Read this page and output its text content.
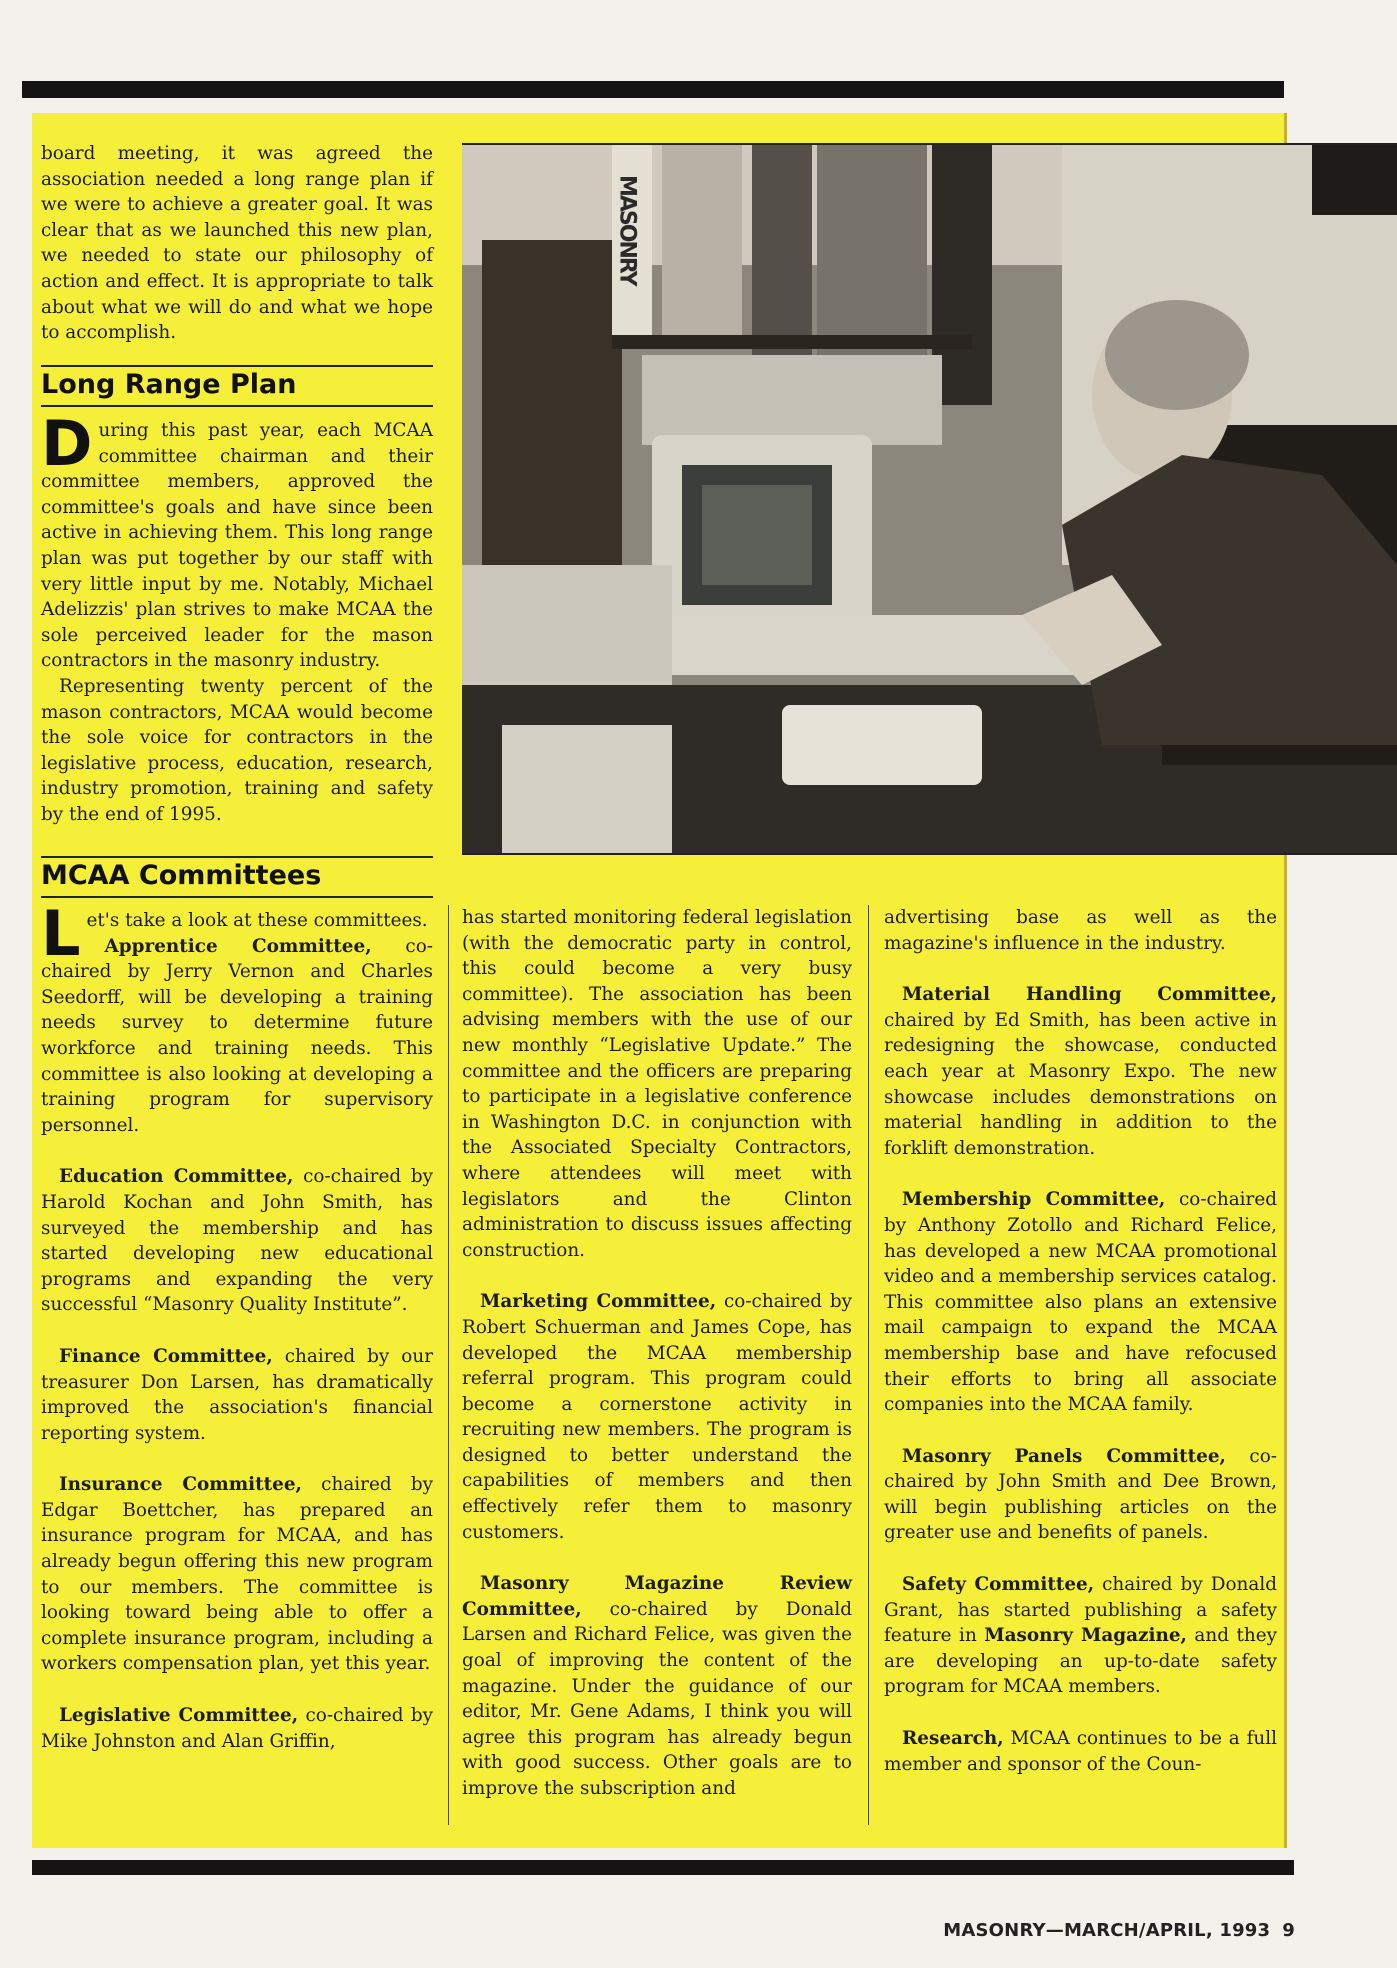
MASONRY

board meeting, it was agreed the association needed a long range plan if we were to achieve a greater goal. It was clear that as we launched this new plan, we needed to state our philosophy of action and effect. It is appropriate to talk about what we will do and what we hope to accomplish.

Long Range Plan

During this past year, each MCAA committee chairman and their committee members, approved the committee's goals and have since been active in achieving them. This long range plan was put together by our staff with very little input by me. Notably, Michael Adelizzis' plan strives to make MCAA the sole perceived leader for the mason contractors in the masonry industry.

Representing twenty percent of the mason contractors, MCAA would become the sole voice for contractors in the legislative process, education, research, industry promotion, training and safety by the end of 1995.

MCAA Committees

Let's take a look at these committees.

Apprentice Committee, co-chaired by Jerry Vernon and Charles Seedorff, will be developing a training needs survey to determine future workforce and training needs. This committee is also looking at developing a training program for supervisory personnel.

Education Committee, co-chaired by Harold Kochan and John Smith, has surveyed the membership and has started developing new educational programs and expanding the very successful “Masonry Quality Institute”.

Finance Committee, chaired by our treasurer Don Larsen, has dramatically improved the association's financial reporting system.

Insurance Committee, chaired by Edgar Boettcher, has prepared an insurance program for MCAA, and has already begun offering this new program to our members. The committee is looking toward being able to offer a complete insurance program, including a workers compensation plan, yet this year.

Legislative Committee, co-chaired by Mike Johnston and Alan Griffin,

has started monitoring federal legislation (with the democratic party in control, this could become a very busy committee). The association has been advising members with the use of our new monthly “Legislative Update.” The committee and the officers are preparing to participate in a legislative conference in Washington D.C. in conjunction with the Associated Specialty Contractors, where attendees will meet with legislators and the Clinton administration to discuss issues affecting construction.

Marketing Committee, co-chaired by Robert Schuerman and James Cope, has developed the MCAA membership referral program. This program could become a cornerstone activity in recruiting new members. The program is designed to better understand the capabilities of members and then effectively refer them to masonry customers.

Masonry Magazine Review Committee, co-chaired by Donald Larsen and Richard Felice, was given the goal of improving the content of the magazine. Under the guidance of our editor, Mr. Gene Adams, I think you will agree this program has already begun with good success. Other goals are to improve the subscription and

advertising base as well as the magazine's influence in the industry.

Material Handling Committee, chaired by Ed Smith, has been active in redesigning the showcase, conducted each year at Masonry Expo. The new showcase includes demonstrations on material handling in addition to the forklift demonstration.

Membership Committee, co-chaired by Anthony Zotollo and Richard Felice, has developed a new MCAA promotional video and a membership services catalog. This committee also plans an extensive mail campaign to expand the MCAA membership base and have refocused their efforts to bring all associate companies into the MCAA family.

Masonry Panels Committee, co-chaired by John Smith and Dee Brown, will begin publishing articles on the greater use and benefits of panels.

Safety Committee, chaired by Donald Grant, has started publishing a safety feature in Masonry Magazine, and they are developing an up-to-date safety program for MCAA members.

Research, MCAA continues to be a full member and sponsor of the Coun-

MASONRY—MARCH/APRIL, 1993 9
